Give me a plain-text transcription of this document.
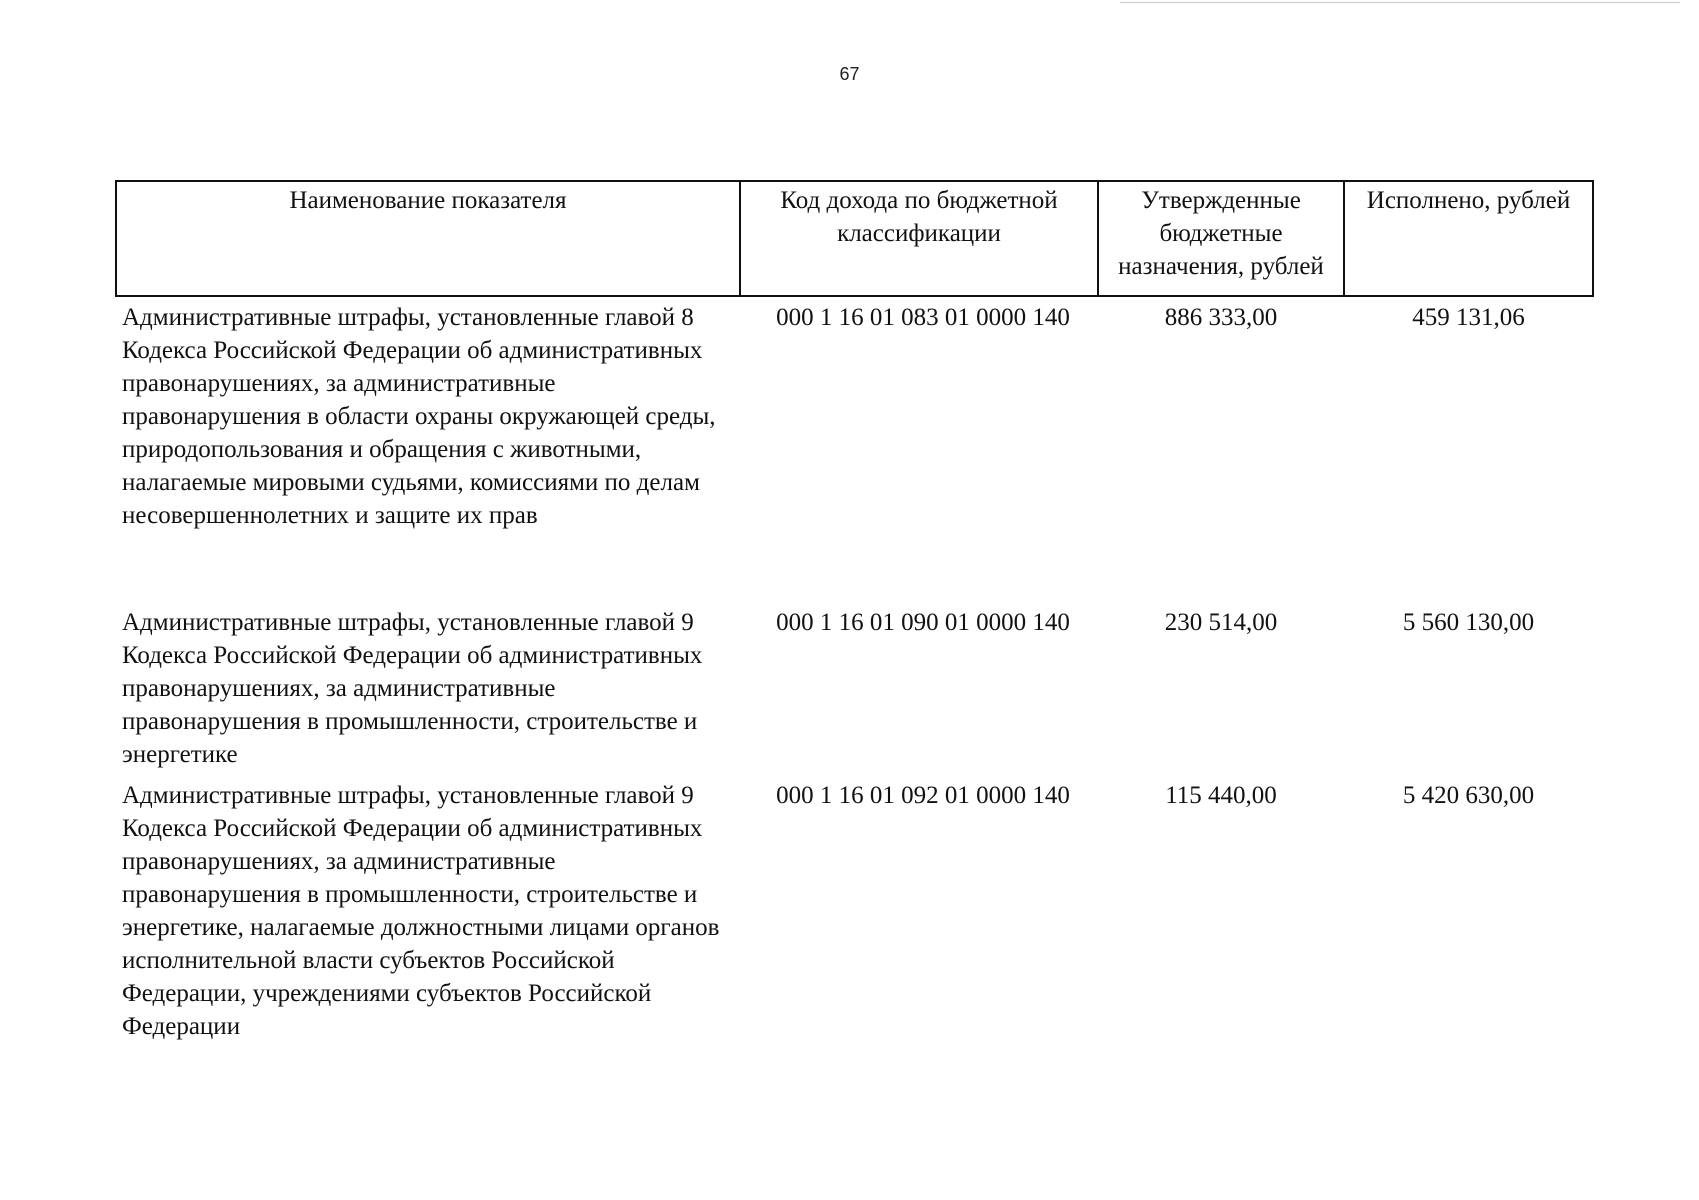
67
Наименование показателя	Код дохода по бюджетной классификации	Утвержденные бюджетные назначения, рублей	Исполнено, рублей
Административные штрафы, установленные главой 8 Кодекса Российской Федерации об административных правонарушениях, за административные правонарушения в области охраны окружающей среды, природопользования и обращения с животными, налагаемые мировыми судьями, комиссиями по делам несовершеннолетних и защите их прав	000 1 16 01 083 01 0000 140	886 333,00	459 131,06
Административные штрафы, установленные главой 9 Кодекса Российской Федерации об административных правонарушениях, за административные правонарушения в промышленности, строительстве и энергетике	000 1 16 01 090 01 0000 140	230 514,00	5 560 130,00
Административные штрафы, установленные главой 9 Кодекса Российской Федерации об административных правонарушениях, за административные правонарушения в промышленности, строительстве и энергетике, налагаемые должностными лицами органов исполнительной власти субъектов Российской Федерации, учреждениями субъектов Российской Федерации	000 1 16 01 092 01 0000 140	115 440,00	5 420 630,00
